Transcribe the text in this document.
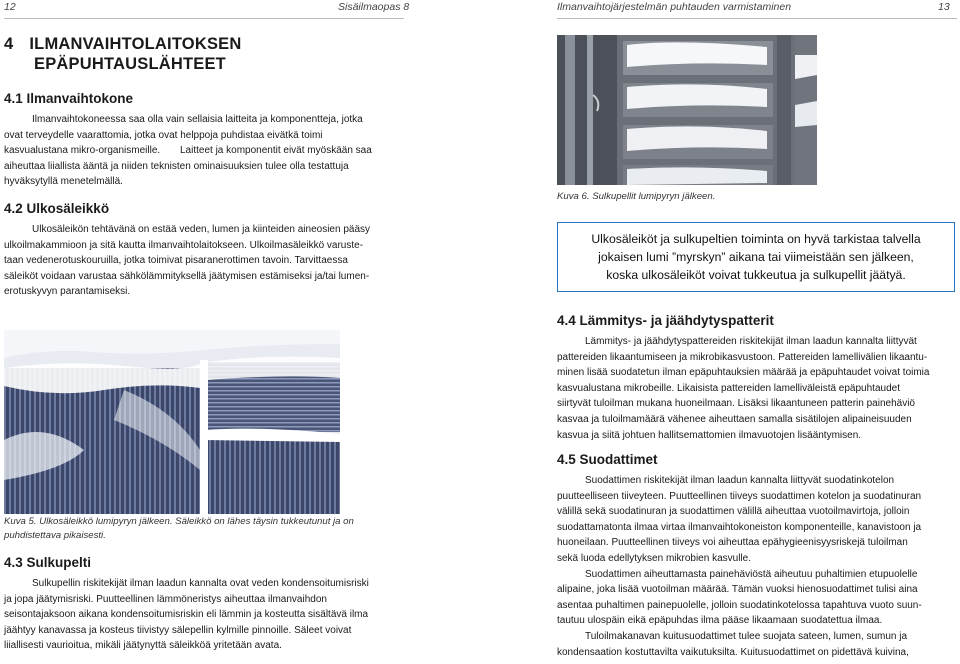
12	Sisäilmaopas 8
4 ILMANVAIHTOLAITOKSEN
EPÄPUHTAUSLÄHTEET
4.1 Ilmanvaihtokone
Ilmanvaihtokoneessa saa olla vain sellaisia laitteita ja komponentteja, jotka
ovat terveydelle vaarattomia, jotka ovat helppoja puhdistaa eivätkä toimi
kasvualustana mikro-organismeille.	Laitteet ja komponentit eivät myöskään saa
aiheuttaa liiallista ääntä ja niiden teknisten ominaisuuksien tulee olla testattuja
hyväksytyllä menetelmällä.
4.2 Ulkosäleikkö
Ulkosäleikön tehtävänä on estää veden, lumen ja kiinteiden aineosien pääsy
ulkoilmakammioon ja sitä kautta ilmanvaihtolaitokseen. Ulkoilmasäleikkö varuste-
taan vedenerotuskouruilla, jotka toimivat pisaranerottimen tavoin. Tarvittaessa
säleiköt voidaan varustaa sähkölämmityksellä jäätymisen estämiseksi ja/tai lumen-
erotuskyvyn parantamiseksi.
Kuva 5. Ulkosäleikkö lumipyryn jälkeen. Säleikkö on lähes täysin tukkeutunut ja on
puhdistettava pikaisesti.
4.3 Sulkupelti
Sulkupellin riskitekijät ilman laadun kannalta ovat veden kondensoitumisriski
ja jopa jäätymisriski. Puutteellinen lämmöneristys aiheuttaa ilmanvaihdon
seisontajaksoon aikana kondensoitumisriskin eli lämmin ja kosteutta sisältävä ilma
jäähtyy kanavassa ja kosteus tiivistyy sälepellin kylmille pinnoille. Säleet voivat
liiallisesti vaurioitua, mikäli jäätynyttä säleikköä yritetään avata.
Ilmanvaihtojärjestelmän puhtauden varmistaminen	13
Kuva 6. Sulkupellit lumipyryn jälkeen.
Ulkosäleiköt ja sulkupeltien toiminta on hyvä tarkistaa talvella
jokaisen lumi ”myrskyn” aikana tai viimeistään sen jälkeen,
koska ulkosäleiköt voivat tukkeutua ja sulkupellit jäätyä.
4.4 Lämmitys- ja jäähdytyspatterit
Lämmitys- ja jäähdytyspattereiden riskitekijät ilman laadun kannalta liittyvät
pattereiden likaantumiseen ja mikrobikasvustoon. Pattereiden lamellivälien likaantu-
minen lisää suodatetun ilman epäpuhtauksien määrää ja epäpuhtaudet voivat toimia
kasvualustana mikrobeille. Likaisista pattereiden lamelliväleistä epäpuhtaudet
siirtyvät tuloilman mukana huoneilmaan. Lisäksi likaantuneen patterin painehäviö
kasvaa ja tuloilmamäärä vähenee aiheuttaen samalla sisätilojen alipaineisuuden
kasvua ja siitä johtuen hallitsemattomien ilmavuotojen lisääntymisen.
4.5 Suodattimet
Suodattimen riskitekijät ilman laadun kannalta liittyvät suodatinkotelon
puutteelliseen tiiveyteen. Puutteellinen tiiveys suodattimen kotelon ja suodatinuran
välillä sekä suodatinuran ja suodattimen välillä aiheuttaa vuotoilmavirtoja, jolloin
suodattamatonta ilmaa virtaa ilmanvaihtokoneiston komponenteille, kanavistoon ja
huoneilaan. Puutteellinen tiiveys voi aiheuttaa epähygieenisyysriskejä tuloilman
sekä luoda edellytyksen mikrobien kasvulle.
Suodattimen aiheuttamasta painehäviöstä aiheutuu puhaltimien etupuolelle
alipaine, joka lisää vuotoilman määrää. Tämän vuoksi hienosuodattimet tulisi aina
asentaa puhaltimen painepuolelle, jolloin suodatinkotelossa tapahtuva vuoto suun-
tautuu ulospäin eikä epäpuhdas ilma pääse likaamaan suodatettua ilmaa.
Tuloilmakanavan kuitusuodattimet tulee suojata sateen, lumen, sumun ja
kondensaation kostuttavilta vaikutuksilta. Kuitusuodattimet on pidettävä kuivina,
